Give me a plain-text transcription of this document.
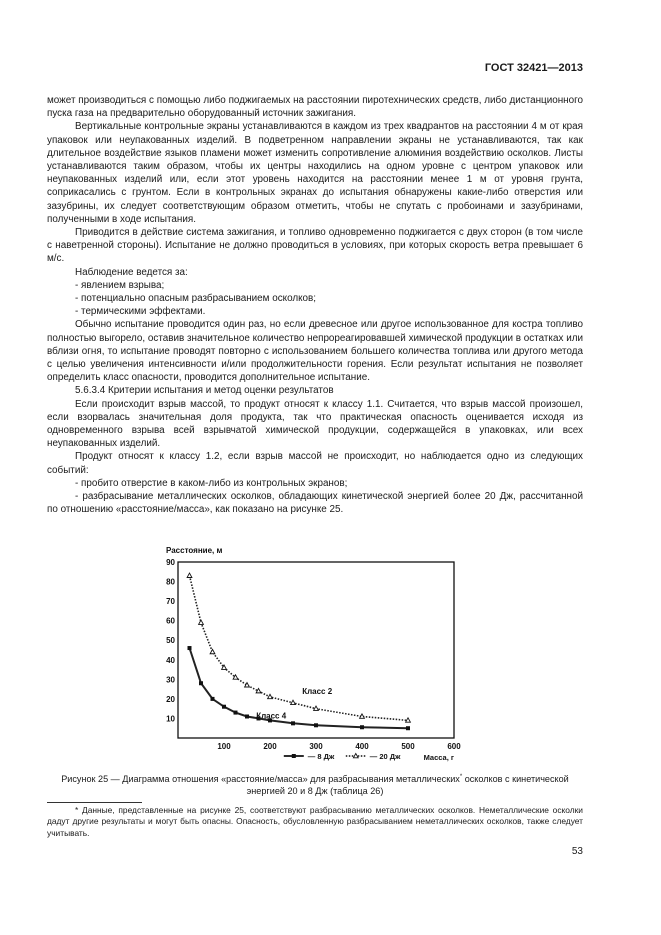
ГОСТ 32421—2013

может производиться с помощью либо поджигаемых на расстоянии пиротехнических средств, либо дистанционного пуска газа на предварительно оборудованный источник зажигания.

Вертикальные контрольные экраны устанавливаются в каждом из трех квадрантов на расстоянии 4 м от края упаковок или неупакованных изделий. В подветренном направлении экраны не устанавливаются, так как длительное воздействие языков пламени может изменить сопротивление алюминия воздействию осколков. Листы устанавливаются таким образом, чтобы их центры находились на одном уровне с центром упаковок или неупакованных изделий или, если этот уровень находится на расстоянии менее 1 м от уровня грунта, соприкасались с грунтом. Если в контрольных экранах до испытания обнаружены какие-либо отверстия или зазубрины, их следует соответствующим образом отметить, чтобы не спутать с пробоинами и зазубринами, полученными в ходе испытания.

Приводится в действие система зажигания, и топливо одновременно поджигается с двух сторон (в том числе с наветренной стороны). Испытание не должно проводиться в условиях, при которых скорость ветра превышает 6 м/с.

Наблюдение ведется за:

- явлением взрыва;

- потенциально опасным разбрасыванием осколков;

- термическими эффектами.

Обычно испытание проводится один раз, но если древесное или другое использованное для костра топливо полностью выгорело, оставив значительное количество непрореагировавшей химической продукции в остатках или вблизи огня, то испытание проводят повторно с использованием большего количества топлива или другого метода с целью увеличения интенсивности и/или продолжительности горения. Если результат испытания не позволяет определить класс опасности, проводится дополнительное испытание.

5.6.3.4 Критерии испытания и метод оценки результатов

Если происходит взрыв массой, то продукт относят к классу 1.1. Считается, что взрыв массой произошел, если взорвалась значительная доля продукта, так что практическая опасность оценивается исходя из одновременного взрыва всей взрывчатой химической продукции, содержащейся в упаковках, или всех неупакованных изделий.

Продукт относят к классу 1.2, если взрыв массой не происходит, но наблюдается одно из следующих событий:

- пробито отверстие в каком-либо из контрольных экранов;

- разбрасывание металлических осколков, обладающих кинетической энергией более 20 Дж, рассчитанной по отношению «расстояние/масса», как показано на рисунке 25.

Расстояние, м
90
80
70
60
50
40
30
20
10
100	200	300	400	500	600
Масса, г
Класс 2
Класс 4
— 8 Дж	— 20 Дж
Рисунок 25 — Диаграмма отношения «расстояние/масса» для разбрасывания металлических* осколков с кинетической энергией 20 и 8 Дж (таблица 26)
* Данные, представленные на рисунке 25, соответствуют разбрасыванию металлических осколков. Неметаллические осколки дадут другие результаты и могут быть опасны. Опасность, обусловленную разбрасыванием неметаллических осколков, также следует учитывать.
53
